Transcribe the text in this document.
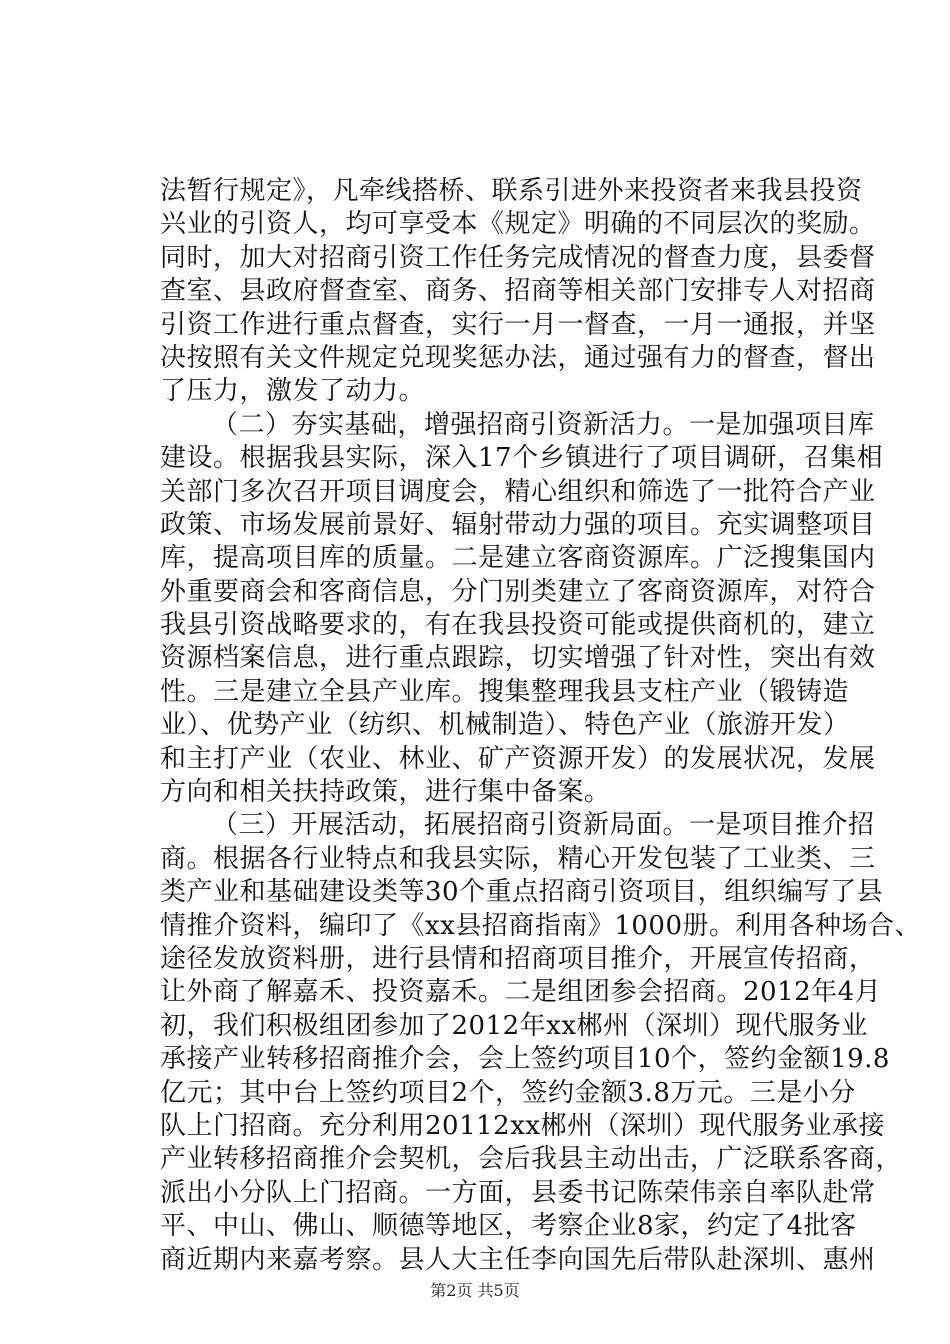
法暂行规定》，凡牵线搭桥、联系引进外来投资者来我县投资
兴业的引资人，均可享受本《规定》明确的不同层次的奖励。
同时，加大对招商引资工作任务完成情况的督查力度，县委督
查室、县政府督查室、商务、招商等相关部门安排专人对招商
引资工作进行重点督查，实行一月一督查，一月一通报，并坚
决按照有关文件规定兑现奖惩办法，通过强有力的督查，督出
了压力，激发了动力。
（二）夯实基础，增强招商引资新活力。一是加强项目库
建设。根据我县实际，深入17个乡镇进行了项目调研，召集相
关部门多次召开项目调度会，精心组织和筛选了一批符合产业
政策、市场发展前景好、辐射带动力强的项目。充实调整项目
库，提高项目库的质量。二是建立客商资源库。广泛搜集国内
外重要商会和客商信息，分门别类建立了客商资源库，对符合
我县引资战略要求的，有在我县投资可能或提供商机的，建立
资源档案信息，进行重点跟踪，切实增强了针对性，突出有效
性。三是建立全县产业库。搜集整理我县支柱产业（锻铸造
业）、优势产业（纺织、机械制造）、特色产业（旅游开发）
和主打产业（农业、林业、矿产资源开发）的发展状况，发展
方向和相关扶持政策，进行集中备案。
（三）开展活动，拓展招商引资新局面。一是项目推介招
商。根据各行业特点和我县实际，精心开发包装了工业类、三
类产业和基础建设类等30个重点招商引资项目，组织编写了县
情推介资料，编印了《xx县招商指南》1000册。利用各种场合、
途径发放资料册，进行县情和招商项目推介，开展宣传招商，
让外商了解嘉禾、投资嘉禾。二是组团参会招商。2012年4月
初，我们积极组团参加了2012年xx郴州（深圳）现代服务业
承接产业转移招商推介会，会上签约项目10个，签约金额19.8
亿元；其中台上签约项目2个，签约金额3.8万元。三是小分
队上门招商。充分利用20112xx郴州（深圳）现代服务业承接
产业转移招商推介会契机，会后我县主动出击，广泛联系客商，
派出小分队上门招商。一方面，县委书记陈荣伟亲自率队赴常
平、中山、佛山、顺德等地区，考察企业8家，约定了4批客
商近期内来嘉考察。县人大主任李向国先后带队赴深圳、惠州
第2页 共5页
